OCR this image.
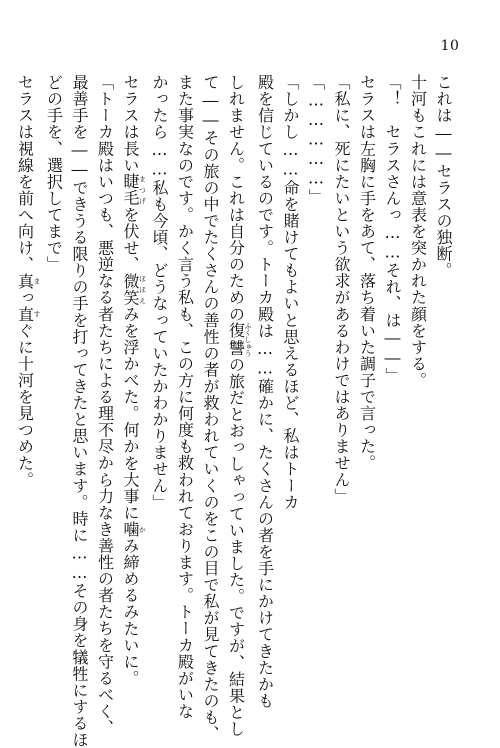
10
これは――セラスの独断。
十河もこれには意表を突かれた顔をする。
「！　セラスさんっ……それ、は――」
セラスは左胸に手をあて、落ち着いた調子で言った。
「私に、死にたいという欲求があるわけではありません」
「……………」
「しかし……命を賭けてもよいと思えるほど、私はトーカ
殿を信じているのです。トーカ殿は……確かに、たくさんの者を手にかけてきたかも
しれません。これは自分のための復讐ふくしゅうの旅だとおっしゃっていました。ですが、結果とし
て――その旅の中でたくさんの善性の者が救われていくのをこの目で私が見てきたのも、
また事実なのです。かく言う私も、この方に何度も救われております。トーカ殿がいな
かったら……私も今頃、どうなっていたかわかりません」
セラスは長い睫毛まつげを伏せ、微笑ほほえみを浮かべた。何かを大事に噛かみ締めるみたいに。
「トーカ殿はいつも、悪逆なる者たちによる理不尽から力なき善性の者たちを守るべく、
最善手を――できうる限りの手を打ってきたと思います。時に……その身を犠牲にするほ
どの手を、選択してまで」
セラスは視線を前へ向け、真まっ直すぐに十河を見つめた。
